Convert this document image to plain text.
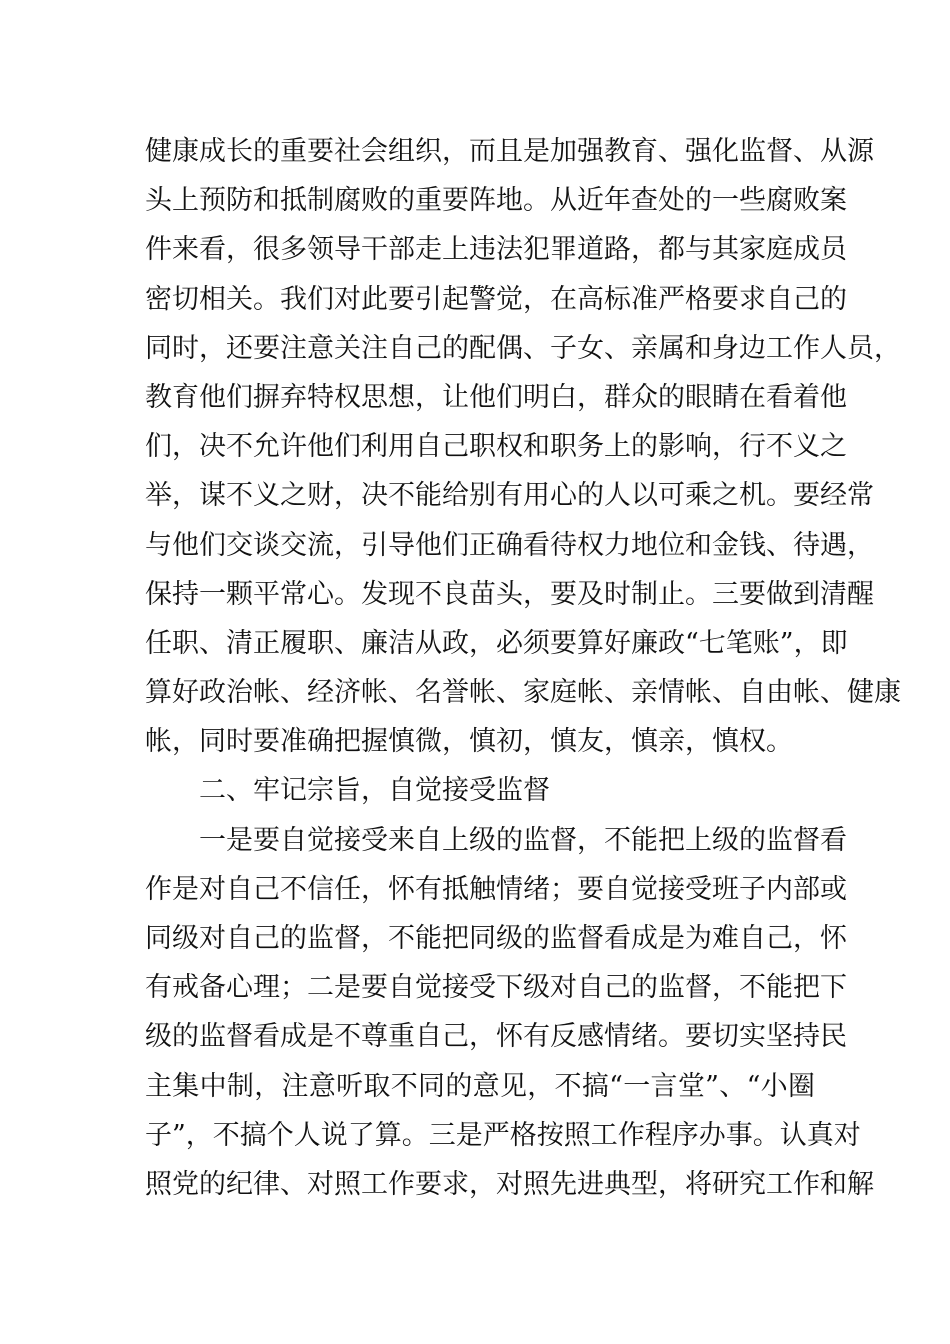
健康成长的重要社会组织，而且是加强教育、强化监督、从源
头上预防和抵制腐败的重要阵地。从近年查处的一些腐败案
件来看，很多领导干部走上违法犯罪道路，都与其家庭成员
密切相关。我们对此要引起警觉，在高标准严格要求自己的
同时，还要注意关注自己的配偶、子女、亲属和身边工作人员，
教育他们摒弃特权思想，让他们明白，群众的眼睛在看着他
们，决不允许他们利用自己职权和职务上的影响，行不义之
举，谋不义之财，决不能给别有用心的人以可乘之机。要经常
与他们交谈交流，引导他们正确看待权力地位和金钱、待遇，
保持一颗平常心。发现不良苗头，要及时制止。三要做到清醒
任职、清正履职、廉洁从政，必须要算好廉政“七笔账”，即
算好政治帐、经济帐、名誉帐、家庭帐、亲情帐、自由帐、健康
帐，同时要准确把握慎微，慎初，慎友，慎亲，慎权。
二、牢记宗旨，自觉接受监督
一是要自觉接受来自上级的监督，不能把上级的监督看
作是对自己不信任，怀有抵触情绪；要自觉接受班子内部或
同级对自己的监督，不能把同级的监督看成是为难自己，怀
有戒备心理；二是要自觉接受下级对自己的监督，不能把下
级的监督看成是不尊重自己，怀有反感情绪。要切实坚持民
主集中制，注意听取不同的意见，不搞“一言堂”、“小圈
子”，不搞个人说了算。三是严格按照工作程序办事。认真对
照党的纪律、对照工作要求，对照先进典型，将研究工作和解
